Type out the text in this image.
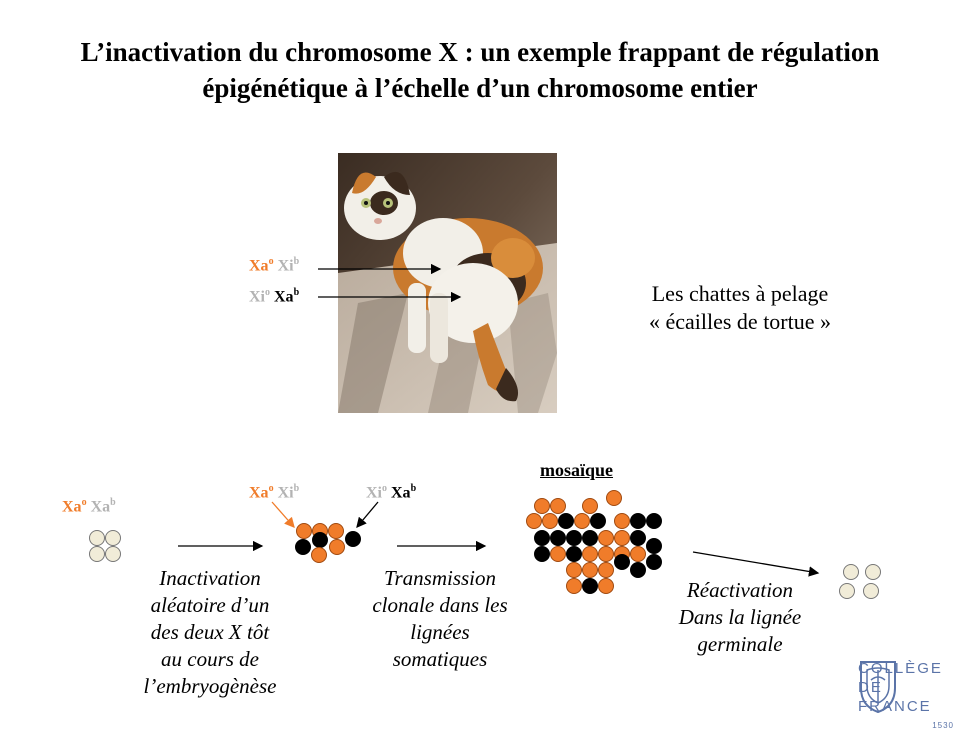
L’inactivation du chromosome X : un exemple frappant de régulation
épigénétique à l’échelle d’un chromosome entier
Xa$^o$ Xi$^b$
Xi$^o$ Xa$^b$	Les chattes à pelage
« écailles de tortue »
Xa$^o$ Xa$^b$
Xa$^o$ Xi$^b$	Xi$^o$ Xa$^b$
mosaïque
Inactivation
aléatoire d’un
des deux X tôt
au cours de
l’embryogènèse
Transmission
clonale dans les
lignées
somatiques
Réactivation
Dans la lignée
germinale
COLLÈGE
DE FRANCE
1530
